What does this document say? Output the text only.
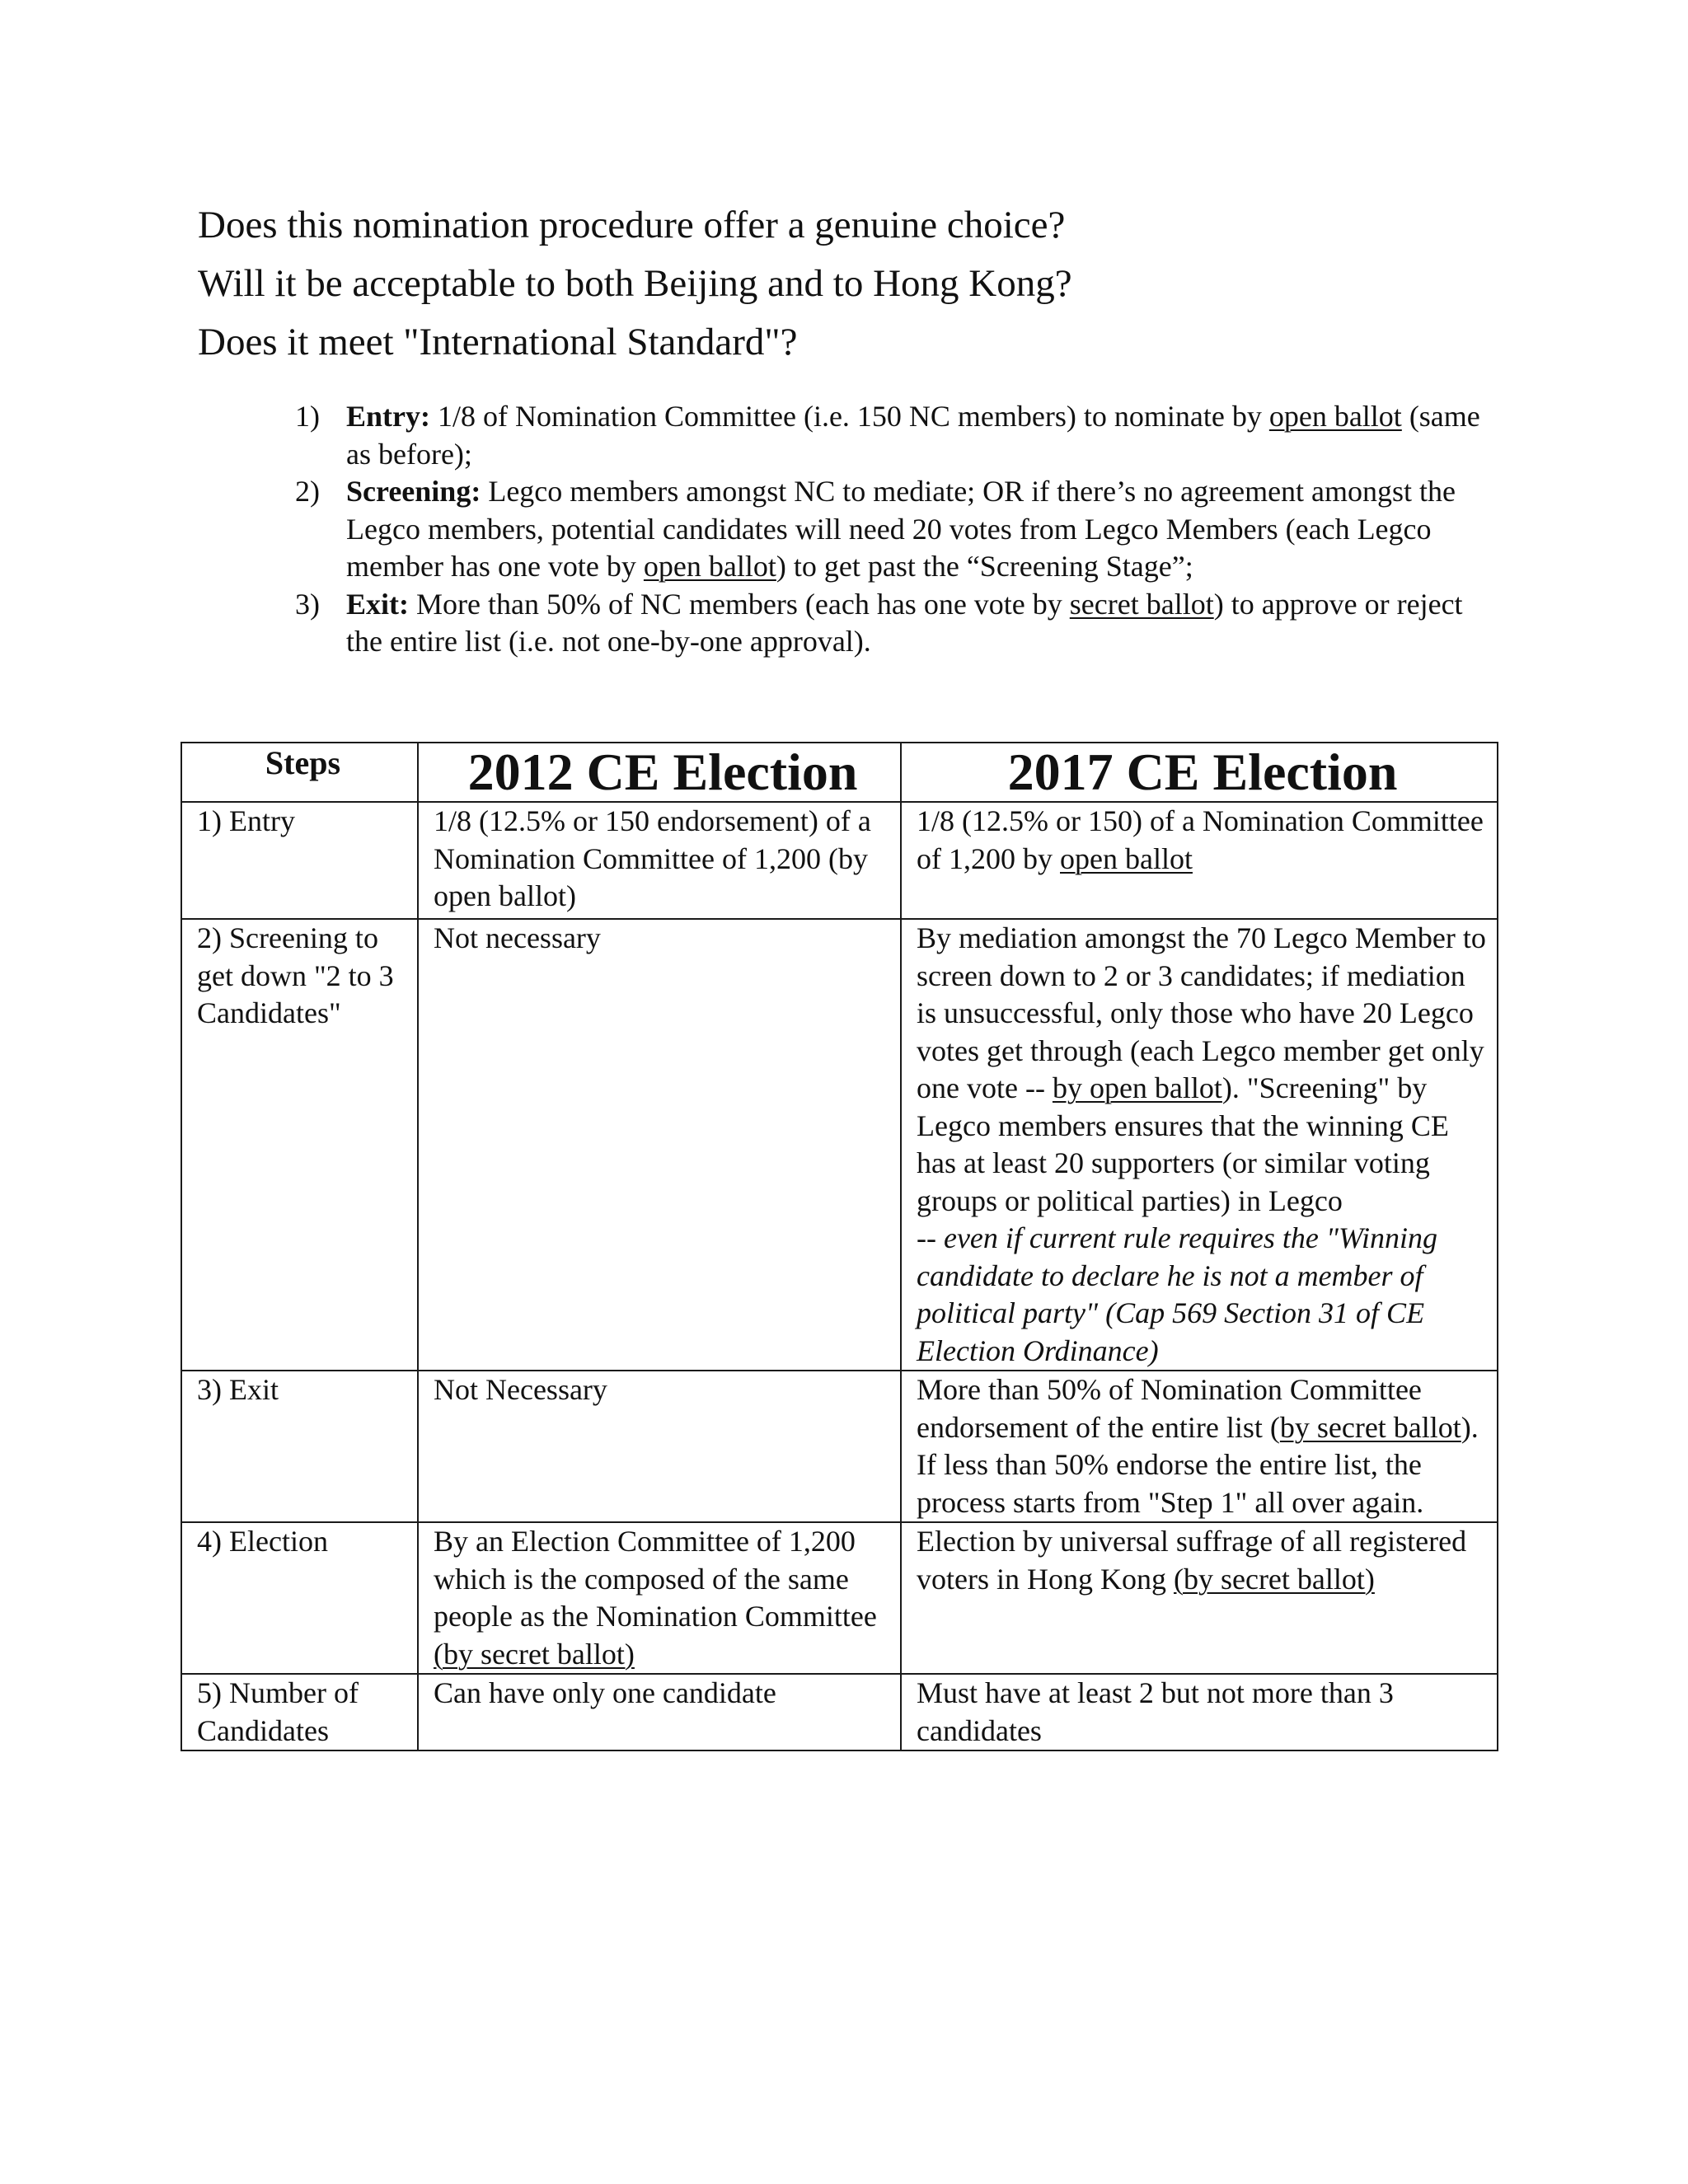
Does this nomination procedure offer a genuine choice?
Will it be acceptable to both Beijing and to Hong Kong?
Does it meet "International Standard"?
1) Entry: 1/8 of Nomination Committee (i.e. 150 NC members) to nominate by open ballot (same as before);
2) Screening: Legco members amongst NC to mediate; OR if there’s no agreement amongst the Legco members, potential candidates will need 20 votes from Legco Members (each Legco member has one vote by open ballot) to get past the “Screening Stage”;
3) Exit: More than 50% of NC members (each has one vote by secret ballot) to approve or reject the entire list (i.e. not one-by-one approval).
Steps	2012 CE Election	2017 CE Election
1) Entry	1/8 (12.5% or 150 endorsement) of a Nomination Committee of 1,200 (by open ballot)	1/8 (12.5% or 150) of a Nomination Committee of 1,200 by open ballot
2) Screening to get down "2 to 3 Candidates"	Not necessary	By mediation amongst the 70 Legco Member to screen down to 2 or 3 candidates; if mediation is unsuccessful, only those who have 20 Legco votes get through (each Legco member get only one vote -- by open ballot). "Screening" by Legco members ensures that the winning CE has at least 20 supporters (or similar voting groups or political parties) in Legco
-- even if current rule requires the "Winning candidate to declare he is not a member of political party" (Cap 569 Section 31 of CE Election Ordinance)
3) Exit	Not Necessary	More than 50% of Nomination Committee endorsement of the entire list (by secret ballot). If less than 50% endorse the entire list, the process starts from "Step 1" all over again.
4) Election	By an Election Committee of 1,200 which is the composed of the same people as the Nomination Committee (by secret ballot)	Election by universal suffrage of all registered voters in Hong Kong (by secret ballot)
5) Number of Candidates	Can have only one candidate	Must have at least 2 but not more than 3 candidates
